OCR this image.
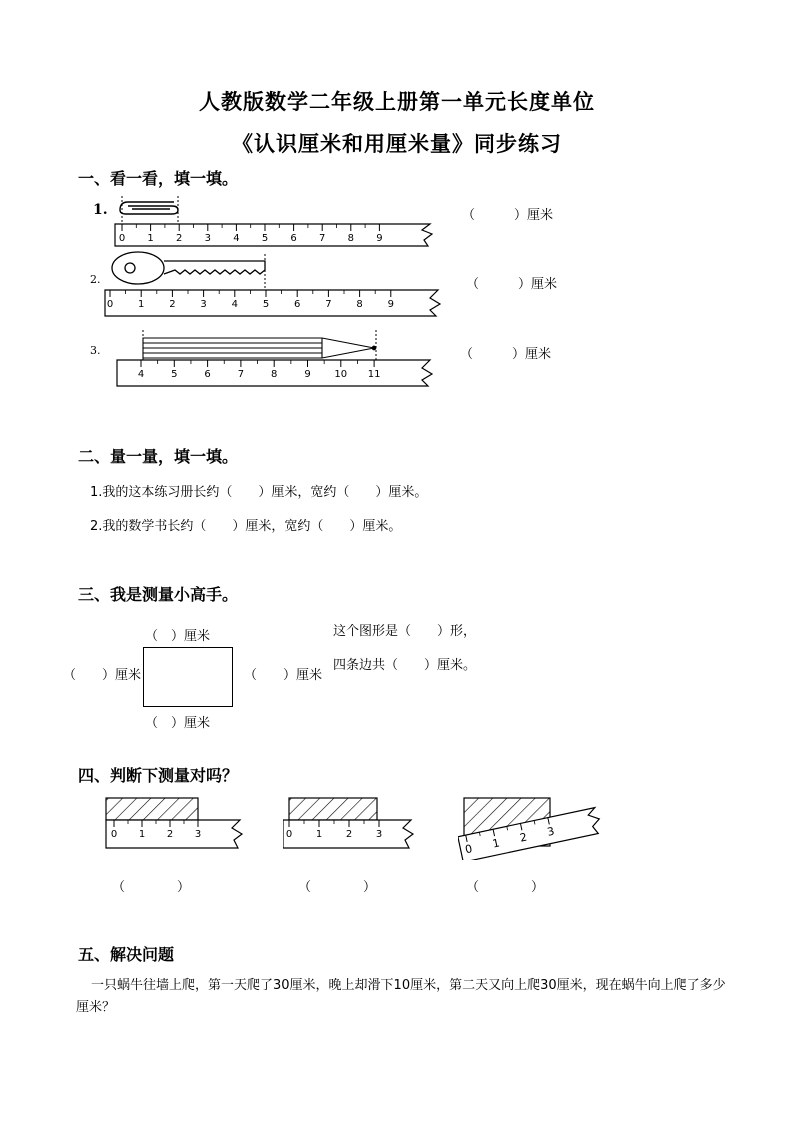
人教版数学二年级上册第一单元长度单位
《认识厘米和用厘米量》同步练习
一、看一看，填一填。
1.
2.
3.
（　　　）厘米
（　　　）厘米
（　　　）厘米
0 1 2 3 4 5 6 7 8 9
0 1 2 3 4 5 6 7 8 9
4	5	6	7	8	9 10 11
二、量一量，填一填。
1.我的这本练习册长约（　　）厘米，宽约（　　）厘米。
2.我的数学书长约（　　）厘米，宽约（　　）厘米。
三、我是测量小高手。
（　）厘米
（　）厘米
（　　）厘米	（　　）厘米
这个图形是（　　）形，
四条边共（　　）厘米。
四、判断下测量对吗？
0 1 2 3	0 1 2 3
0 1 2 3
（　　　　）	（　　　　）	（　　　　）
五、解决问题
一只蜗牛往墙上爬，第一天爬了30厘米，晚上却滑下10厘米，第二天又向上爬30厘米，现在蜗牛向上爬了多少厘米？
